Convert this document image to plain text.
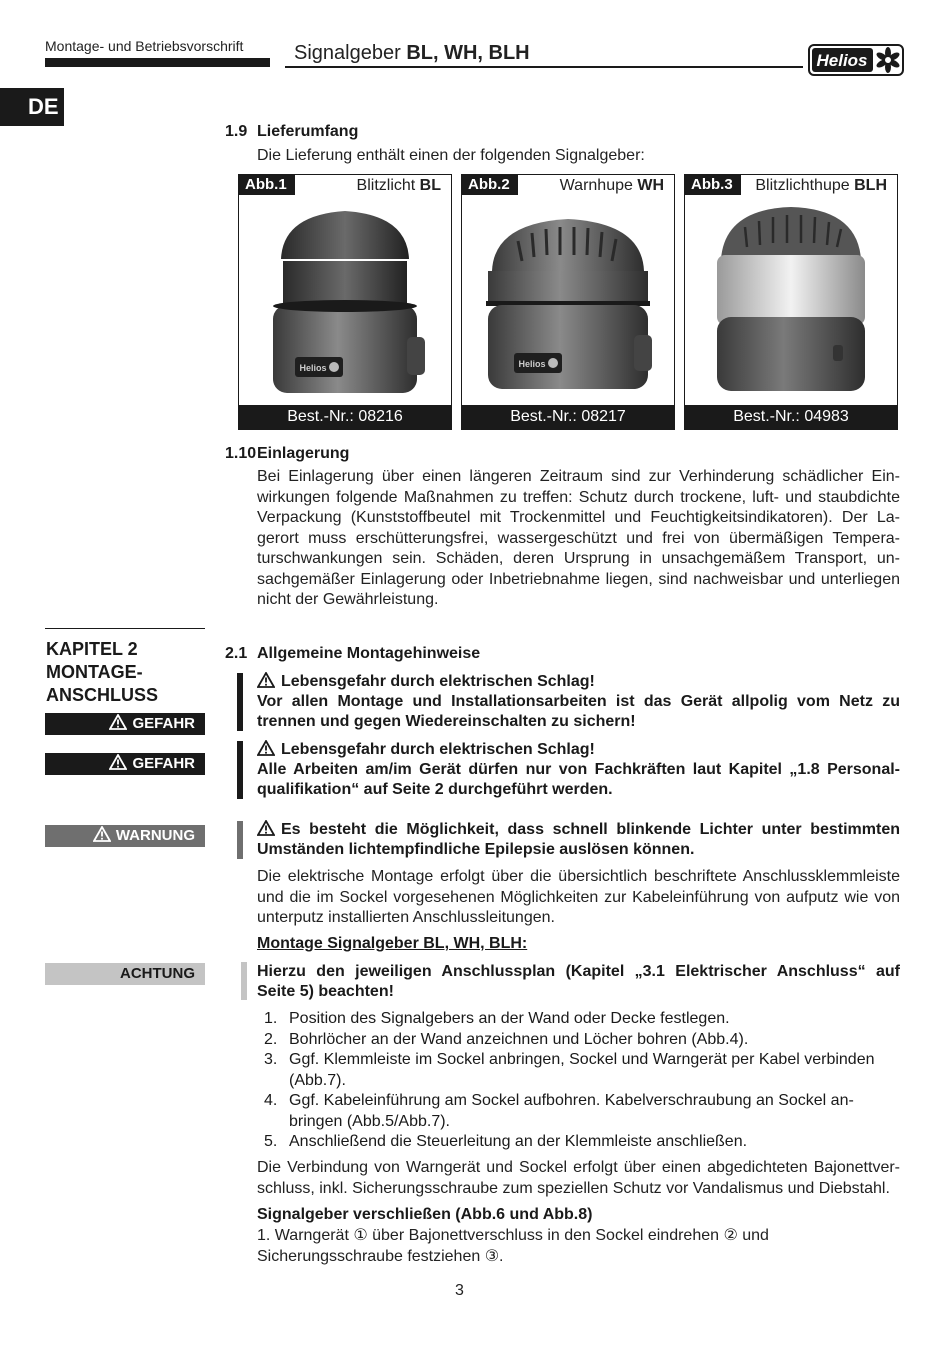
Montage- und Betriebsvorschrift	Signalgeber BL, WH, BLH	Helios
DE
1.9 Lieferumfang
Die Lieferung enthält einen der folgenden Signalgeber:
Abb.1	Blitzlicht BL
Helios
Best.-Nr.: 08216
Abb.2	Warnhupe WH
Helios
Best.-Nr.: 08217
Abb.3	Blitzlichthupe BLH
Best.-Nr.: 04983
1.10Einlagerung
Bei Einlagerung über einen längeren Zeitraum sind zur Verhinderung schädlicher Ein-
wirkungen folgende Maßnahmen zu treffen: Schutz durch trockene, luft- und staubdichte
Verpackung (Kunststoffbeutel mit Trockenmittel und Feuchtigkeitsindikatoren). Der La-
gerort muss erschütterungsfrei, wassergeschützt und frei von übermäßigen Tempera-
turschwankungen sein. Schäden, deren Ursprung in unsachgemäßem Transport, un-
sachgemäßer Einlagerung oder Inbetriebnahme liegen, sind nachweisbar und unterliegen
nicht der Gewährleistung.
KAPITEL 2
MONTAGE-
ANSCHLUSS
2.1 Allgemeine Montagehinweise
GEFAHR
Lebensgefahr durch elektrischen Schlag!
Vor allen Montage und Installationsarbeiten ist das Gerät allpolig vom Netz zu
trennen und gegen Wiedereinschalten zu sichern!
GEFAHR
Lebensgefahr durch elektrischen Schlag!
Alle Arbeiten am/im Gerät dürfen nur von Fachkräften laut Kapitel „1.8 Personal-
qualifikation“ auf Seite 2 durchgeführt werden.
WARNUNG	Es besteht die Möglichkeit, dass schnell blinkende Lichter unter bestimmten
Umständen lichtempfindliche Epilepsie auslösen können.
Die elektrische Montage erfolgt über die übersichtlich beschriftete Anschlussklemmleiste
und die im Sockel vorgesehenen Möglichkeiten zur Kabeleinführung von aufputz wie von
unterputz installierten Anschlussleitungen.
Montage Signalgeber BL, WH, BLH:
ACHTUNG	Hierzu den jeweiligen Anschlussplan (Kapitel „3.1 Elektrischer Anschluss“ auf
Seite 5) beachten!
1. Position des Signalgebers an der Wand oder Decke festlegen.
2. Bohrlöcher an der Wand anzeichnen und Löcher bohren (Abb.4).
3. Ggf. Klemmleiste im Sockel anbringen, Sockel und Warngerät per Kabel verbinden
(Abb.7).
4. Ggf. Kabeleinführung am Sockel aufbohren. Kabelverschraubung an Sockel an-
bringen (Abb.5/Abb.7).
5. Anschließend die Steuerleitung an der Klemmleiste anschließen.
Die Verbindung von Warngerät und Sockel erfolgt über einen abgedichteten Bajonettver-
schluss, inkl. Sicherungsschraube zum speziellen Schutz vor Vandalismus und Diebstahl.
Signalgeber verschließen (Abb.6 und Abb.8)
1. Warngerät ① über Bajonettverschluss in den Sockel eindrehen ② und
Sicherungsschraube festziehen ③.
3
